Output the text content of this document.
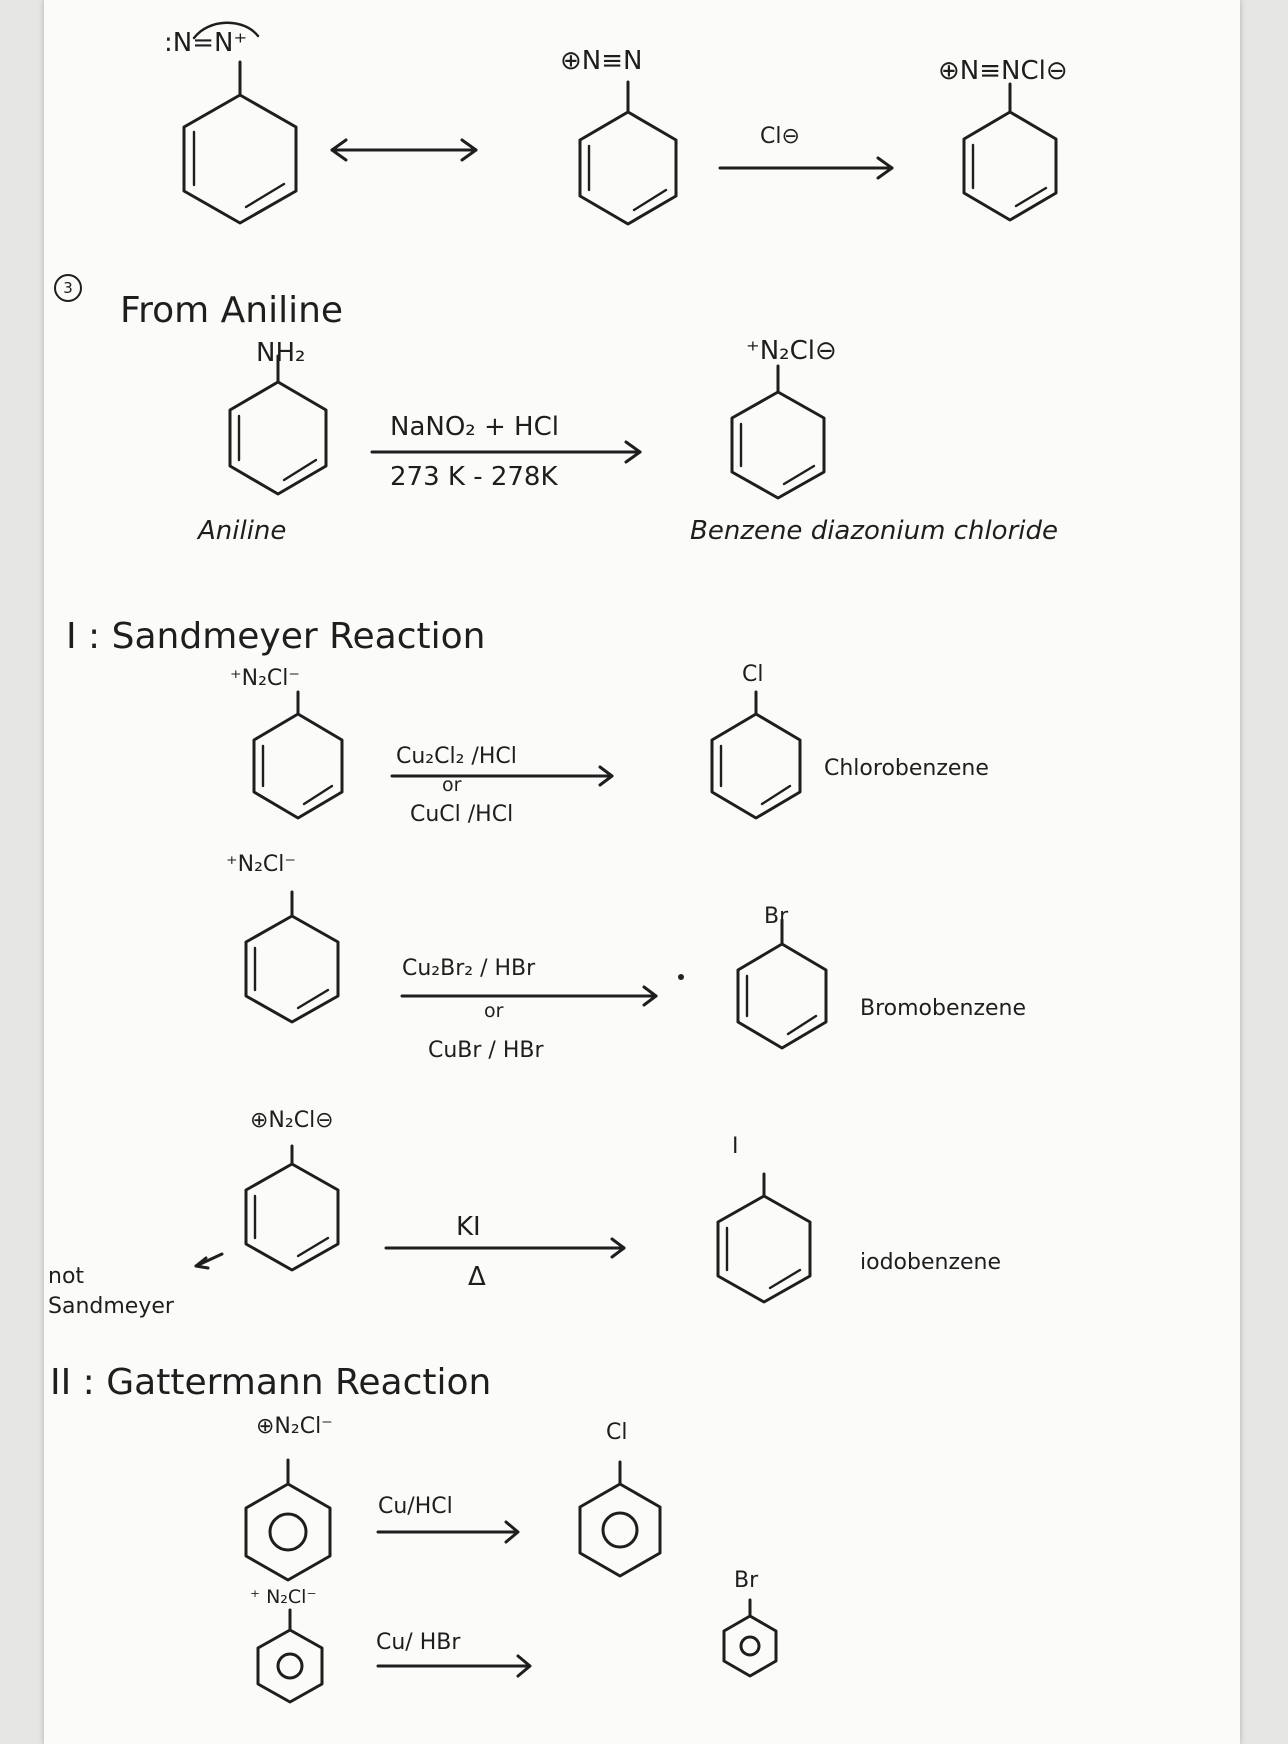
:N=N⁺
⊕N≡N
Cl⊖
⊕N≡NCl⊖
3
From Aniline
NH₂
NaNO₂ + HCl
273 K - 278K
Aniline
⁺N₂Cl⊖
Benzene diazonium chloride
I : Sandmeyer Reaction
⁺N₂Cl⁻
Cu₂Cl₂ /HCl
or
CuCl /HCl
Cl
Chlorobenzene
⁺N₂Cl⁻
Cu₂Br₂ / HBr
or
CuBr / HBr
Br
Bromobenzene
⊕N₂Cl⊖
KI
Δ
I
iodobenzene
not
Sandmeyer
II : Gattermann Reaction
⊕N₂Cl⁻
Cu/HCl
Cl
⁺ N₂Cl⁻
Cu/ HBr
Br
